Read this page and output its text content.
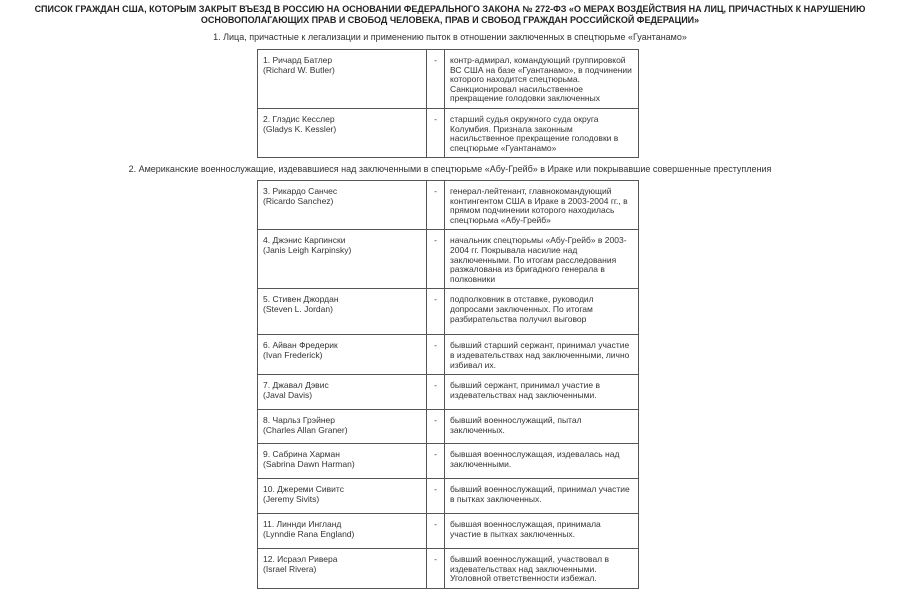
СПИСОК ГРАЖДАН США, КОТОРЫМ ЗАКРЫТ ВЪЕЗД В РОССИЮ НА ОСНОВАНИИ ФЕДЕРАЛЬНОГО ЗАКОНА № 272-ФЗ «О МЕРАХ ВОЗДЕЙСТВИЯ НА ЛИЦ, ПРИЧАСТНЫХ К НАРУШЕНИЮ ОСНОВОПОЛАГАЮЩИХ ПРАВ И СВОБОД ЧЕЛОВЕКА, ПРАВ И СВОБОД ГРАЖДАН РОССИЙСКОЙ ФЕДЕРАЦИИ»
1. Лица, причастные к легализации и применению пыток в отношении заключенных в спецтюрьме «Гуантанамо»
1. Ричард Батлер
(Richard W. Butler)	-	контр-адмирал, командующий группировкой ВС США на базе «Гуантанамо», в подчинении которого находится спецтюрьма. Санкционировал насильственное прекращение голодовки заключенных
2. Глэдис Кесслер
(Gladys K. Kessler)	-	старший судья окружного суда округа Колумбия. Признала законным насильственное прекращение голодовки в спецтюрьме «Гуантанамо»
2. Американские военнослужащие, издевавшиеся над заключенными в спецтюрьме «Абу-Грейб» в Ираке или покрывавшие совершенные преступления
3. Рикардо Санчес
(Ricardo Sanchez)	-	генерал-лейтенант, главнокомандующий контингентом США в Ираке в 2003-2004 гг., в прямом подчинении которого находилась спецтюрьма «Абу-Грейб»
4. Джэнис Карпински
(Janis Leigh Karpinsky)	-	начальник спецтюрьмы «Абу-Грейб» в 2003-2004 гг. Покрывала насилие над заключенными. По итогам расследования разжалована из бригадного генерала в полковники
5. Стивен Джордан
(Steven L. Jordan)	-	подполковник в отставке, руководил допросами заключенных. По итогам разбирательства получил выговор
6. Айван Фредерик
(Ivan Frederick)	-	бывший старший сержант, принимал участие в издевательствах над заключенными, лично избивал их.
7. Джавал Дэвис
(Javal Davis)	-	бывший сержант, принимал участие в издевательствах над заключенными.
8. Чарльз Грэйнер
(Charles Allan Graner)	-	бывший военнослужащий, пытал заключенных.
9. Сабрина Харман
(Sabrina Dawn Harman)	-	бывшая военнослужащая, издевалась над заключенными.
10. Джереми Сивитс
(Jeremy Sivits)	-	бывший военнослужащий, принимал участие в пытках заключенных.
11. Линнди Ингланд
(Lynndie Rana England)	-	бывшая военнослужащая, принимала участие в пытках заключенных.
12. Исраэл Ривера
(Israel Rivera)	-	бывший военнослужащий, участвовал в издевательствах над заключенными. Уголовной ответственности избежал.
